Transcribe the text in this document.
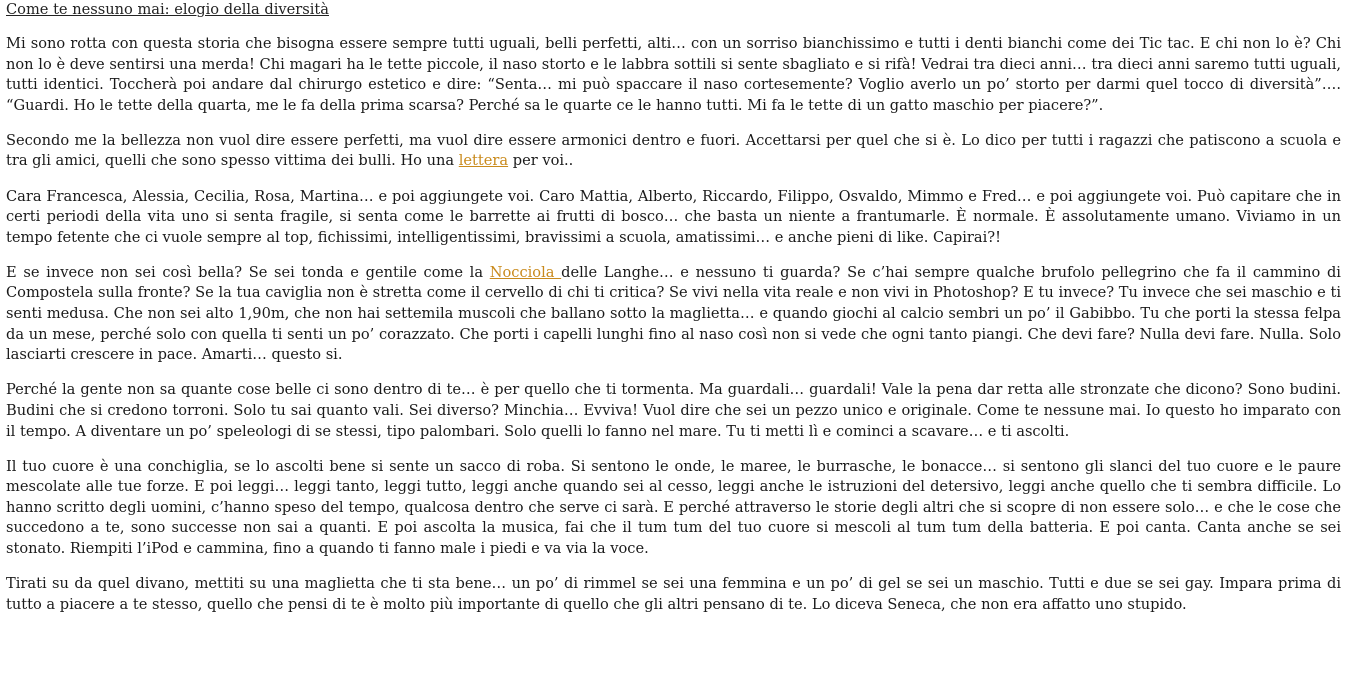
Come te nessuno mai: elogio della diversità

Mi sono rotta con questa storia che bisogna essere sempre tutti uguali, belli perfetti, alti… con un sorriso bianchissimo e tutti i denti bianchi come dei Tic tac. E chi non lo è? Chi non lo è deve sentirsi una merda! Chi magari ha le tette piccole, il naso storto e le labbra sottili si sente sbagliato e si rifà! Vedrai tra dieci anni… tra dieci anni saremo tutti uguali, tutti identici. Toccherà poi andare dal chirurgo estetico e dire: “Senta… mi può spaccare il naso cortesemente? Voglio averlo un po’ storto per darmi quel tocco di diversità”…. “Guardi. Ho le tette della quarta, me le fa della prima scarsa? Perché sa le quarte ce le hanno tutti. Mi fa le tette di un gatto maschio per piacere?”.

Secondo me la bellezza non vuol dire essere perfetti, ma vuol dire essere armonici dentro e fuori. Accettarsi per quel che si è. Lo dico per tutti i ragazzi che patiscono a scuola e tra gli amici, quelli che sono spesso vittima dei bulli. Ho una lettera per voi..

Cara Francesca, Alessia, Cecilia, Rosa, Martina… e poi aggiungete voi. Caro Mattia, Alberto, Riccardo, Filippo, Osvaldo, Mimmo e Fred… e poi aggiungete voi. Può capitare che in certi periodi della vita uno si senta fragile, si senta come le barrette ai frutti di bosco… che basta un niente a frantumarle. È normale. È assolutamente umano. Viviamo in un tempo fetente che ci vuole sempre al top, fichissimi, intelligentissimi, bravissimi a scuola, amatissimi… e anche pieni di like. Capirai?!

E se invece non sei così bella? Se sei tonda e gentile come la Nocciola delle Langhe… e nessuno ti guarda? Se c’hai sempre qualche brufolo pellegrino che fa il cammino di Compostela sulla fronte? Se la tua caviglia non è stretta come il cervello di chi ti critica? Se vivi nella vita reale e non vivi in Photoshop? E tu invece? Tu invece che sei maschio e ti senti medusa. Che non sei alto 1,90m, che non hai settemila muscoli che ballano sotto la maglietta… e quando giochi al calcio sembri un po’ il Gabibbo. Tu che porti la stessa felpa da un mese, perché solo con quella ti senti un po’ corazzato. Che porti i capelli lunghi fino al naso così non si vede che ogni tanto piangi. Che devi fare? Nulla devi fare. Nulla. Solo lasciarti crescere in pace. Amarti… questo si.

Perché la gente non sa quante cose belle ci sono dentro di te… è per quello che ti tormenta. Ma guardali… guardali! Vale la pena dar retta alle stronzate che dicono? Sono budini. Budini che si credono torroni. Solo tu sai quanto vali. Sei diverso? Minchia… Evviva! Vuol dire che sei un pezzo unico e originale. Come te nessune mai. Io questo ho imparato con il tempo. A diventare un po’ speleologi di se stessi, tipo palombari. Solo quelli lo fanno nel mare. Tu ti metti lì e cominci a scavare… e ti ascolti.

Il tuo cuore è una conchiglia, se lo ascolti bene si sente un sacco di roba. Si sentono le onde, le maree, le burrasche, le bonacce… si sentono gli slanci del tuo cuore e le paure mescolate alle tue forze. E poi leggi… leggi tanto, leggi tutto, leggi anche quando sei al cesso, leggi anche le istruzioni del detersivo, leggi anche quello che ti sembra difficile. Lo hanno scritto degli uomini, c’hanno speso del tempo, qualcosa dentro che serve ci sarà. E perché attraverso le storie degli altri che si scopre di non essere solo… e che le cose che succedono a te, sono successe non sai a quanti. E poi ascolta la musica, fai che il tum tum del tuo cuore si mescoli al tum tum della batteria. E poi canta. Canta anche se sei stonato. Riempiti l’iPod e cammina, fino a quando ti fanno male i piedi e va via la voce.

Tirati su da quel divano, mettiti su una maglietta che ti sta bene… un po’ di rimmel se sei una femmina e un po’ di gel se sei un maschio. Tutti e due se sei gay. Impara prima di tutto a piacere a te stesso, quello che pensi di te è molto più importante di quello che gli altri pensano di te. Lo diceva Seneca, che non era affatto uno stupido.
